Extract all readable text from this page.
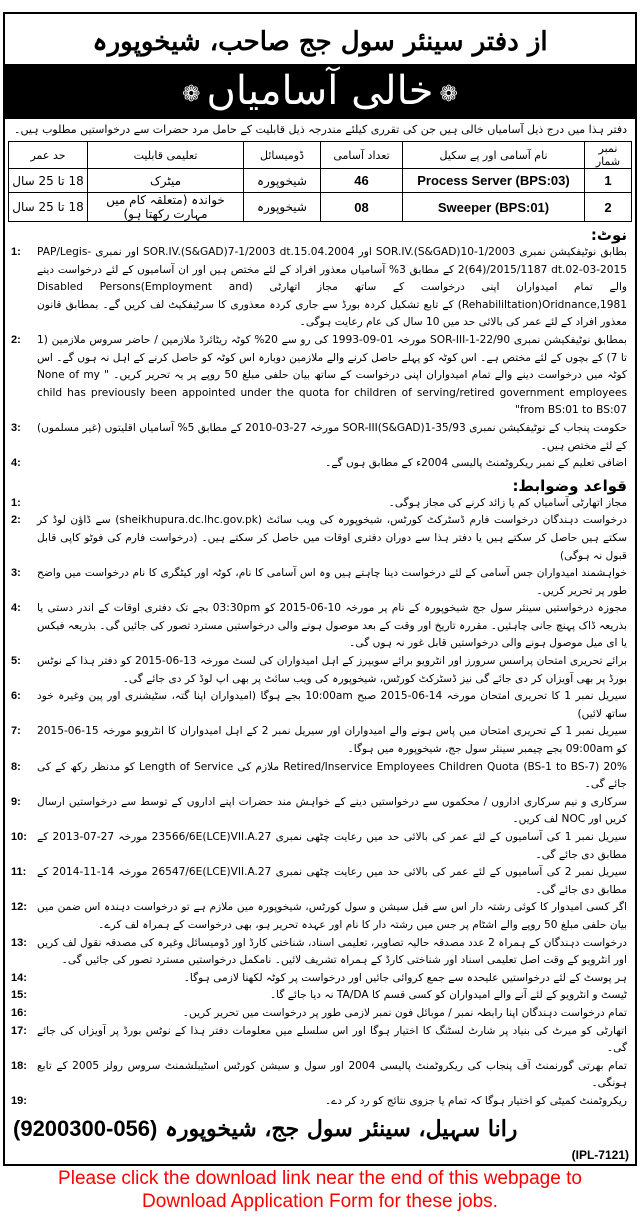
از دفتر سینئر سول جج صاحب، شیخوپورہ
❁خالی آسامیاں❁
دفتر ہذا میں درج ذیل آسامیاں خالی ہیں جن کی تقرری کیلئے مندرجہ ذیل قابلیت کے حامل مرد حضرات سے درخواستیں مطلوب ہیں۔
نمبر شمار	نام آسامی اور پے سکیل	تعداد آسامی	ڈومیسائل	تعلیمی قابلیت	حد عمر
1	Process Server (BPS:03)	46	شیخوپورہ	میٹرک	18 تا 25 سال
2	Sweeper (BPS:01)	08	شیخوپورہ	خواندہ (متعلقہ کام میں مہارت رکھتا ہو)	18 تا 25 سال
نوٹ:
1:	بطابق نوٹیفکیشن نمبری SOR.IV.(S&GAD)10-1/2003 اور SOR.IV.(S&GAD)7-1/2003 dt.15.04.2004 اور نمبری PAP/Legis-2(64)/2015/1187 dt.02-03-2015 کے مطابق 3% آسامیاں معذور افراد کے لئے مختص ہیں اور ان آسامیوں کے لئے درخواست دینے والے تمام امیدواران اپنی درخواست کے ساتھ مجاز اتھارٹی (Disabled Persons(Employment and Rehabililtation)Oridnance,1981) کے تابع تشکیل کردہ بورڈ سے جاری کردہ معذوری کا سرٹیفکیٹ لف کریں گے۔ بمطابق قانون معذور افراد کے لئے عمر کی بالائی حد میں 10 سال کی عام رعایت ہوگی۔
2:	بمطابق نوٹیفکیشن نمبری SOR-III-1-22/90 مورخہ 01-09-1993 کی رو سے 20% کوٹہ ریٹائرڈ ملازمین / حاضر سروس ملازمین (1 تا 7) کے بچوں کے لئے مختص ہے۔ اس کوٹہ کو پہلے حاصل کرنے والے ملازمین دوبارہ اس کوٹہ کو حاصل کرنے کے اہل نہ ہوں گے۔ اس کوٹہ میں درخواست دینے والے تمام امیدواران اپنی درخواست کے ساتھ بیان حلفی مبلغ 50 روپے پر یہ تحریر کریں۔ " None of my child has previously been appointed under the quota for children of serving/retired government employees from BS:01 to BS:07"
3:	حکومت پنجاب کے نوٹیفکیشن نمبری SOR-III(S&GAD)1-35/93 مورخہ 27-03-2010 کے مطابق 5% آسامیاں اقلیتوں (غیر مسلموں) کے لئے مختص ہیں۔
4:	اضافی تعلیم کے نمبر ریکروٹمنٹ پالیسی 2004ء کے مطابق ہوں گے۔
قواعد وضوابط:
1:	مجاز اتھارٹی آسامیاں کم یا زائد کرنے کی مجاز ہوگی۔
2:	درخواست دہندگان درخواست فارم ڈسٹرکٹ کورٹس، شیخوپورہ کی ویب سائٹ (sheikhupura.dc.lhc.gov.pk) سے ڈاؤن لوڈ کر سکتے ہیں حاصل کر سکتے ہیں یا دفتر ہذا سے دوران دفتری اوقات میں حاصل کر سکتے ہیں۔ (درخواست فارم کی فوٹو کاپی قابل قبول نہ ہوگی)
3:	خواہشمند امیدواران جس آسامی کے لئے درخواست دینا چاہتے ہیں وہ اس آسامی کا نام، کوٹہ اور کیٹگری کا نام درخواست میں واضح طور پر تحریر کریں۔
4:	مجوزہ درخواستیں سینئر سول جج شیخوپورہ کے نام پر مورخہ 10-06-2015 کو 03:30pm بجے تک دفتری اوقات کے اندر دستی یا بذریعہ ڈاک پہنچ جانی چاہئیں۔ مقررہ تاریخ اور وقت کے بعد موصول ہونے والی درخواستیں مسترد تصور کی جائیں گی۔ بذریعہ فیکس یا ای میل موصول ہونے والی درخواستیں قابل غور نہ ہوں گی۔
5:	برائے تحریری امتحان پراسس سرورز اور انٹرویو برائے سویپرز کے اہل امیدواران کی لسٹ مورخہ 13-06-2015 کو دفتر ہذا کے نوٹس بورڈ پر بھی آویزاں کر دی جائے گی نیز ڈسٹرکٹ کورٹس، شیخوپورہ کی ویب سائٹ پر بھی اپ لوڈ کر دی جائے گی۔
6:	سیریل نمبر 1 کا تحریری امتحان مورخہ 14-06-2015 صبح 10:00am بجے ہوگا (امیدواران اپنا گتہ، سٹیشنری اور پین وغیرہ خود ساتھ لائیں)
7:	سیریل نمبر 1 کے تحریری امتحان میں پاس ہونے والے امیدواران اور سیریل نمبر 2 کے اہل امیدواران کا انٹرویو مورخہ 15-06-2015 کو 09:00am بجے چیمبر سینئر سول جج، شیخوپورہ میں ہوگا۔
8:	20% Retired/Inservice Employees Children Quota (BS-1 to BS-7) ملازم کی Length of Service کو مدنظر رکھ کے کی جائے گی۔
9:	سرکاری و نیم سرکاری اداروں / محکموں سے درخواستیں دینے کے خواہش مند حضرات اپنے اداروں کے توسط سے درخواستیں ارسال کریں اور NOC لف کریں۔
10: سیریل نمبر 1 کی آسامیوں کے لئے عمر کی بالائی حد میں رعایت چٹھی نمبری 23566/6E(LCE)VII.A.27 مورخہ 27-07-2013 کے مطابق دی جائے گی۔
11:	سیریل نمبر 2 کی آسامیوں کے لئے عمر کی بالائی حد میں رعایت چٹھی نمبری 26547/6E(LCE)VII.A.27 مورخہ 14-11-2014 کے مطابق دی جائے گی۔
12: اگر کسی امیدوار کا کوئی رشتہ دار اس سے قبل سیشن و سول کورٹس، شیخوپورہ میں ملازم ہے تو درخواست دہندہ اس ضمن میں بیان حلفی مبلغ 50 روپے والے اشٹام پر جس میں رشتہ دار کا نام اور عہدہ تحریر ہو، بھی درخواست کے ہمراہ لف کرے۔
13: درخواست دہندگان کے ہمراہ 2 عدد مصدقہ حالیہ تصاویر، تعلیمی اسناد، شناختی کارڈ اور ڈومیسائل وغیرہ کی مصدقہ نقول لف کریں اور انٹرویو کے وقت اصل تعلیمی اسناد اور شناختی کارڈ کے ہمراہ تشریف لائیں۔ نامکمل درخواستیں مسترد تصور کی جائیں گی۔
14:	ہر پوسٹ کے لئے درخواستیں علیحدہ سے جمع کروائی جائیں اور درخواست پر کوٹہ لکھنا لازمی ہوگا۔
15:	ٹیسٹ و انٹرویو کے لئے آنے والے امیدواران کو کسی قسم کا TA/DA نہ دیا جائے گا۔
16:	تمام درخواست دہندگان اپنا رابطہ نمبر / موبائل فون نمبر لازمی طور پر درخواست میں تحریر کریں۔
17: اتھارٹی کو میرٹ کی بنیاد پر شارٹ لسٹنگ کا اختیار ہوگا اور اس سلسلے میں معلومات دفتر ہذا کے نوٹس بورڈ پر آویزاں کی جائے گی۔
18: تمام بھرتی گورنمنٹ آف پنجاب کی ریکروٹمنٹ پالیسی 2004 اور سول و سیشن کورٹس اسٹیبلشمنٹ سروس رولز 2005 کے تابع ہونگی۔
19:	ریکروٹمنٹ کمیٹی کو اختیار ہوگا کہ تمام یا جزوی نتائج کو رد کر دے۔
رانا سہیل، سینئر سول جج، شیخوپورہ (056-9200300)
(IPL-7121)
Please click the download link near the end of this webpage to
Download Application Form for these jobs.
